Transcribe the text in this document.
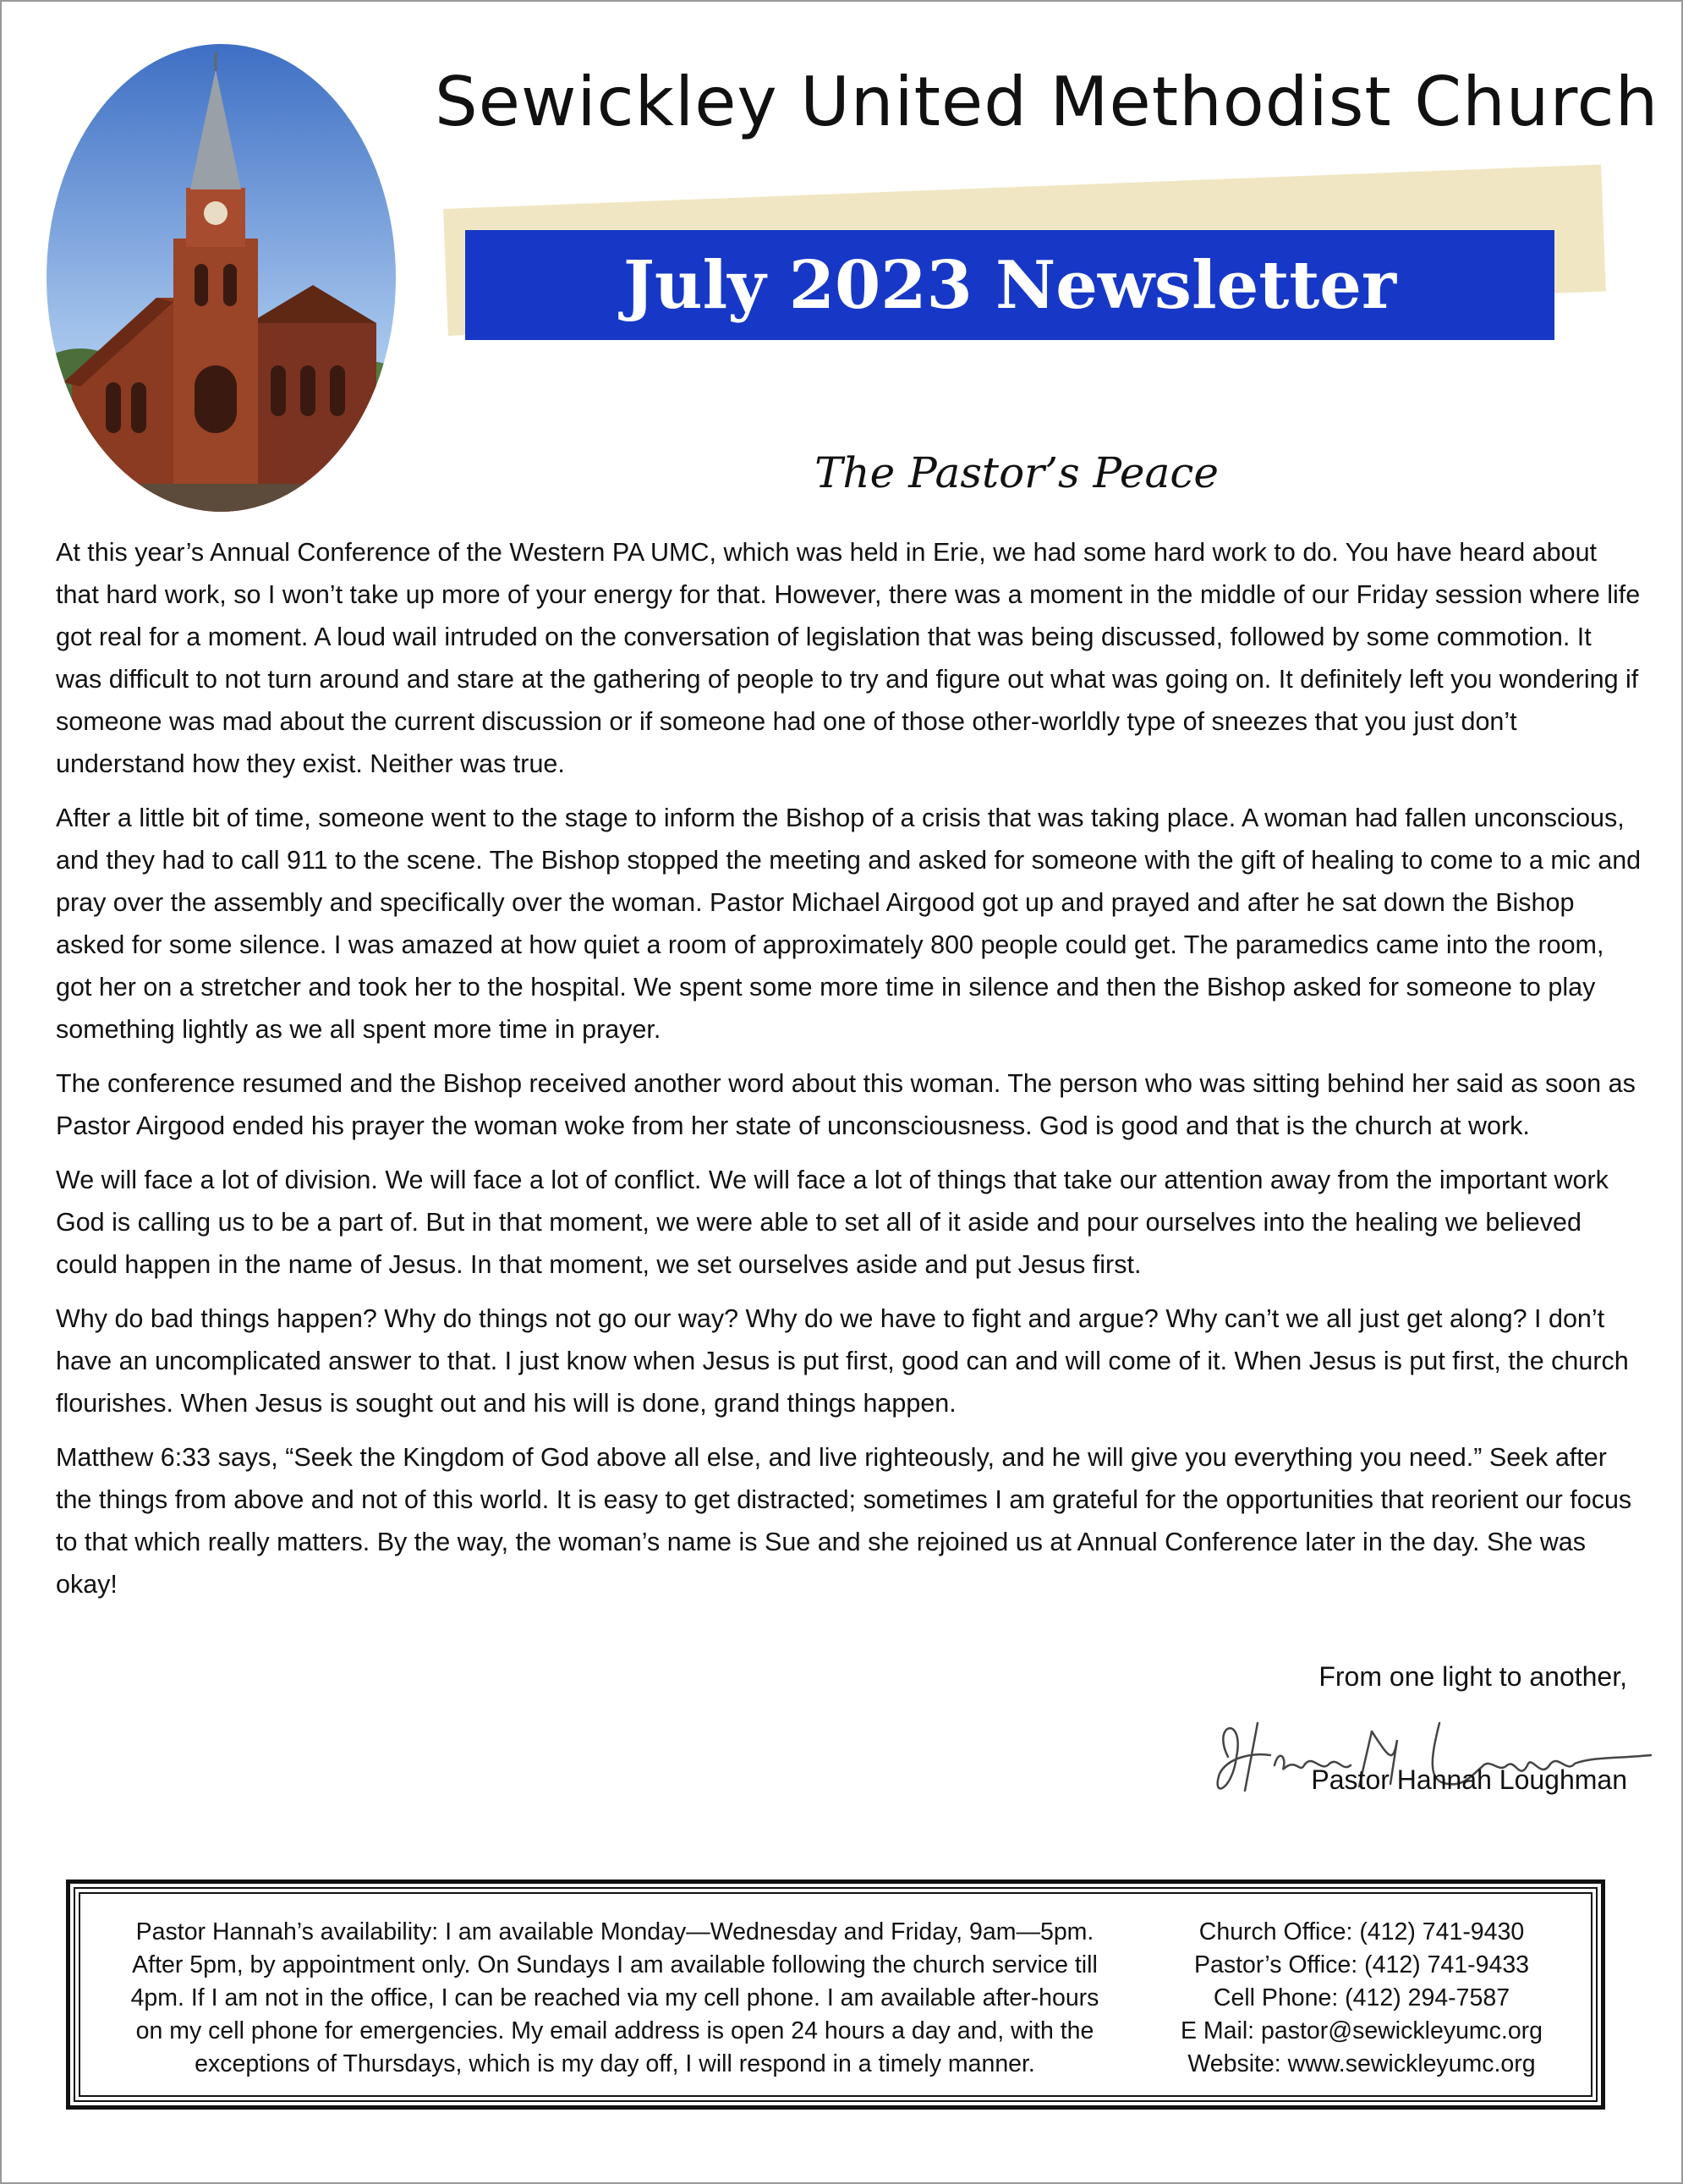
Sewickley United Methodist Church
July 2023 Newsletter
The Pastor’s Peace

At this year’s Annual Conference of the Western PA UMC, which was held in Erie, we had some hard work to do. You have heard about that hard work, so I won’t take up more of your energy for that. However, there was a moment in the middle of our Friday session where life got real for a moment. A loud wail intruded on the conversation of legislation that was being discussed, followed by some commotion. It was difficult to not turn around and stare at the gathering of people to try and figure out what was going on. It definitely left you wondering if someone was mad about the current discussion or if someone had one of those other-worldly type of sneezes that you just don’t understand how they exist. Neither was true.

After a little bit of time, someone went to the stage to inform the Bishop of a crisis that was taking place. A woman had fallen unconscious, and they had to call 911 to the scene. The Bishop stopped the meeting and asked for someone with the gift of healing to come to a mic and pray over the assembly and specifically over the woman. Pastor Michael Airgood got up and prayed and after he sat down the Bishop asked for some silence. I was amazed at how quiet a room of approximately 800 people could get. The paramedics came into the room, got her on a stretcher and took her to the hospital. We spent some more time in silence and then the Bishop asked for someone to play something lightly as we all spent more time in prayer.

The conference resumed and the Bishop received another word about this woman. The person who was sitting behind her said as soon as Pastor Airgood ended his prayer the woman woke from her state of unconsciousness. God is good and that is the church at work.

We will face a lot of division. We will face a lot of conflict. We will face a lot of things that take our attention away from the important work God is calling us to be a part of. But in that moment, we were able to set all of it aside and pour ourselves into the healing we believed could happen in the name of Jesus. In that moment, we set ourselves aside and put Jesus first.

Why do bad things happen? Why do things not go our way? Why do we have to fight and argue? Why can’t we all just get along? I don’t have an uncomplicated answer to that. I just know when Jesus is put first, good can and will come of it. When Jesus is put first, the church flourishes. When Jesus is sought out and his will is done, grand things happen.

Matthew 6:33 says, “Seek the Kingdom of God above all else, and live righteously, and he will give you everything you need.” Seek after the things from above and not of this world. It is easy to get distracted; sometimes I am grateful for the opportunities that reorient our focus to that which really matters. By the way, the woman’s name is Sue and she rejoined us at Annual Conference later in the day. She was okay!

From one light to another,
Pastor Hannah Loughman
Pastor Hannah’s availability: I am available Monday—Wednesday and Friday, 9am—5pm.
After 5pm, by appointment only. On Sundays I am available following the church service till
4pm. If I am not in the office, I can be reached via my cell phone. I am available after-hours
on my cell phone for emergencies. My email address is open 24 hours a day and, with the
exceptions of Thursdays, which is my day off, I will respond in a timely manner.
Church Office: (412) 741-9430
Pastor’s Office: (412) 741-9433
Cell Phone: (412) 294-7587
E Mail: pastor@sewickleyumc.org
Website: www.sewickleyumc.org
